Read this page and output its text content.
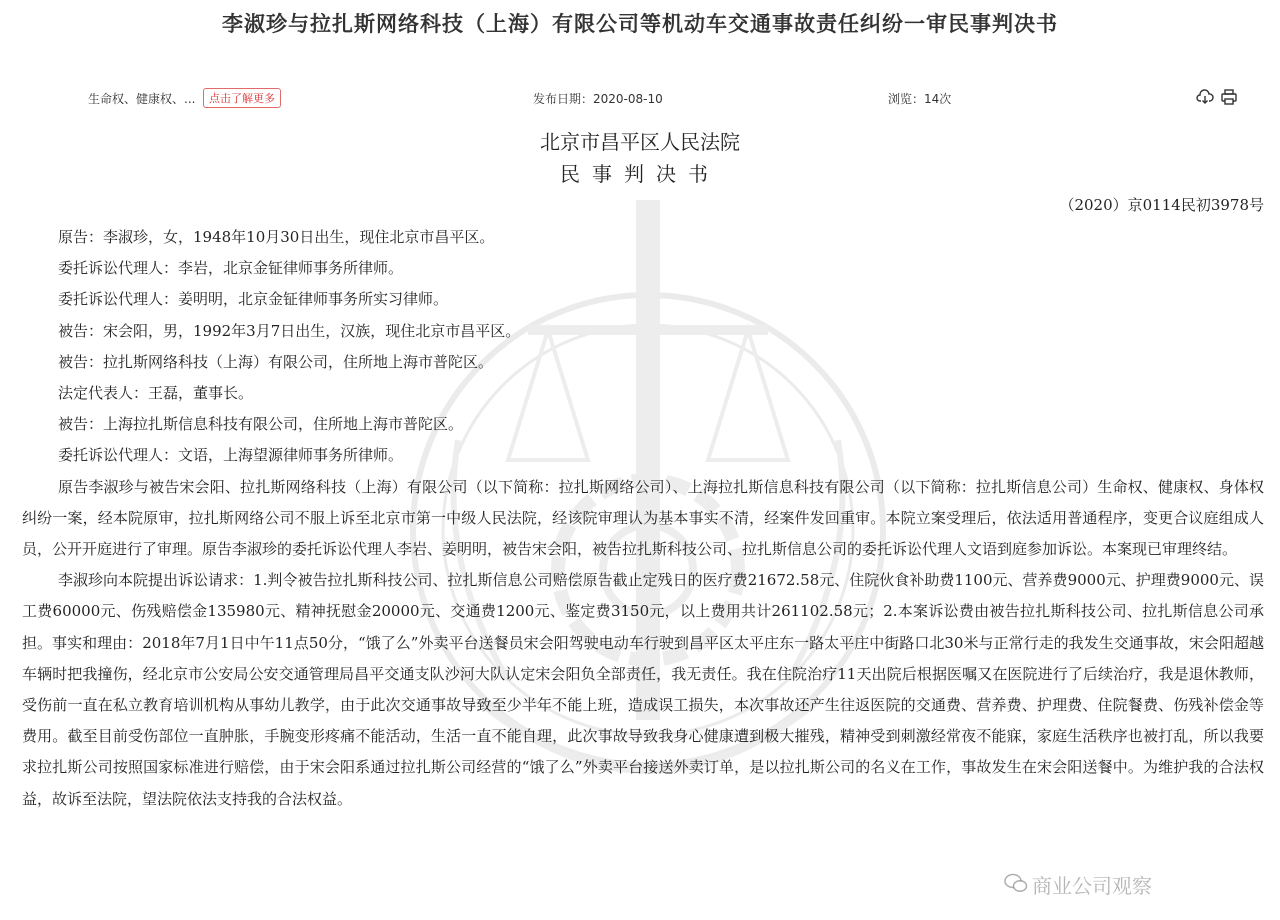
李淑珍与拉扎斯网络科技（上海）有限公司等机动车交通事故责任纠纷一审民事判决书
生命权、健康权、...	点击了解更多	发布日期：2020-08-10	浏览：14次
北京市昌平区人民法院
民事判决书
（2020）京0114民初3978号

原告：李淑珍，女，1948年10月30日出生，现住北京市昌平区。

委托诉讼代理人：李岩，北京金钲律师事务所律师。

委托诉讼代理人：姜明明，北京金钲律师事务所实习律师。

被告：宋会阳，男，1992年3月7日出生，汉族，现住北京市昌平区。

被告：拉扎斯网络科技（上海）有限公司，住所地上海市普陀区。

法定代表人：王磊，董事长。

被告：上海拉扎斯信息科技有限公司，住所地上海市普陀区。

委托诉讼代理人：文语，上海望源律师事务所律师。

原告李淑珍与被告宋会阳、拉扎斯网络科技（上海）有限公司（以下简称：拉扎斯网络公司）、上海拉扎斯信息科技有限公司（以下简称：拉扎斯信息公司）生命权、健康权、身体权纠纷一案，经本院原审，拉扎斯网络公司不服上诉至北京市第一中级人民法院，经该院审理认为基本事实不清，经案件发回重审。本院立案受理后，依法适用普通程序，变更合议庭组成人员，公开开庭进行了审理。原告李淑珍的委托诉讼代理人李岩、姜明明，被告宋会阳，被告拉扎斯科技公司、拉扎斯信息公司的委托诉讼代理人文语到庭参加诉讼。本案现已审理终结。

李淑珍向本院提出诉讼请求：1.判令被告拉扎斯科技公司、拉扎斯信息公司赔偿原告截止定残日的医疗费21672.58元、住院伙食补助费1100元、营养费9000元、护理费9000元、误工费60000元、伤残赔偿金135980元、精神抚慰金20000元、交通费1200元、鉴定费3150元，以上费用共计261102.58元；2.本案诉讼费由被告拉扎斯科技公司、拉扎斯信息公司承担。事实和理由：2018年7月1日中午11点50分，“饿了么”外卖平台送餐员宋会阳驾驶电动车行驶到昌平区太平庄东一路太平庄中街路口北30米与正常行走的我发生交通事故，宋会阳超越车辆时把我撞伤，经北京市公安局公安交通管理局昌平交通支队沙河大队认定宋会阳负全部责任，我无责任。我在住院治疗11天出院后根据医嘱又在医院进行了后续治疗，我是退休教师，受伤前一直在私立教育培训机构从事幼儿教学，由于此次交通事故导致至少半年不能上班，造成误工损失，本次事故还产生往返医院的交通费、营养费、护理费、住院餐费、伤残补偿金等费用。截至目前受伤部位一直肿胀，手腕变形疼痛不能活动，生活一直不能自理，此次事故导致我身心健康遭到极大摧残，精神受到刺激经常夜不能寐，家庭生活秩序也被打乱，所以我要求拉扎斯公司按照国家标准进行赔偿，由于宋会阳系通过拉扎斯公司经营的“饿了么”外卖平台接送外卖订单，是以拉扎斯公司的名义在工作，事故发生在宋会阳送餐中。为维护我的合法权益，故诉至法院，望法院依法支持我的合法权益。

商业公司观察
